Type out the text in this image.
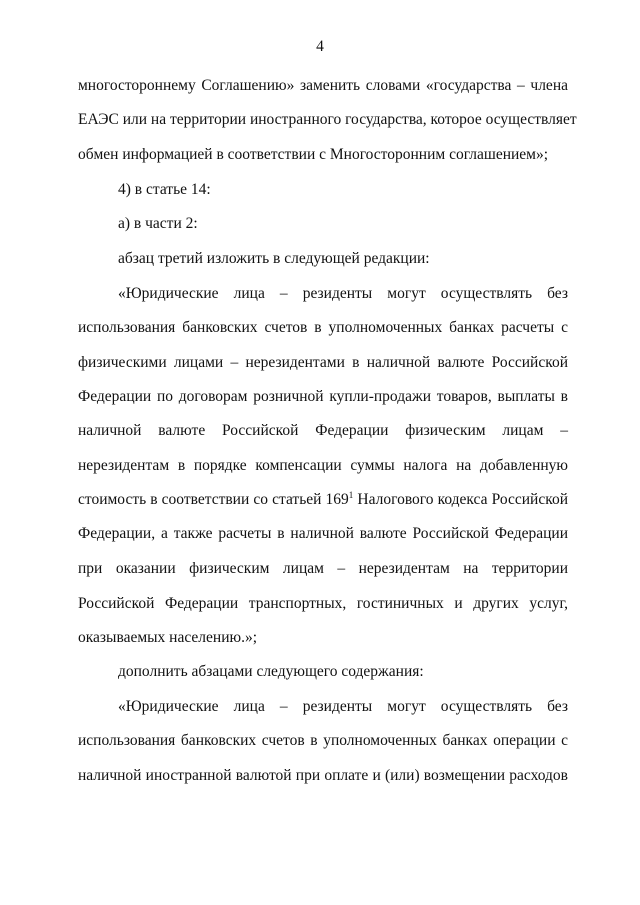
4
многостороннему Соглашению» заменить словами «государства – члена
ЕАЭС или на территории иностранного государства, которое осуществляет
обмен информацией в соответствии с Многосторонним соглашением»;
4) в статье 14:
а) в части 2:
абзац третий изложить в следующей редакции:
«Юридические лица – резиденты могут осуществлять без
использования банковских счетов в уполномоченных банках расчеты с
физическими лицами – нерезидентами в наличной валюте Российской
Федерации по договорам розничной купли-продажи товаров, выплаты в
наличной валюте Российской Федерации физическим лицам –
нерезидентам в порядке компенсации суммы налога на добавленную
стоимость в соответствии со статьей $169^1$ Налогового кодекса Российской
Федерации, а также расчеты в наличной валюте Российской Федерации
при оказании физическим лицам – нерезидентам на территории
Российской Федерации транспортных, гостиничных и других услуг,
оказываемых населению.»;
дополнить абзацами следующего содержания:
«Юридические лица – резиденты могут осуществлять без
использования банковских счетов в уполномоченных банках операции с
наличной иностранной валютой при оплате и (или) возмещении расходов
